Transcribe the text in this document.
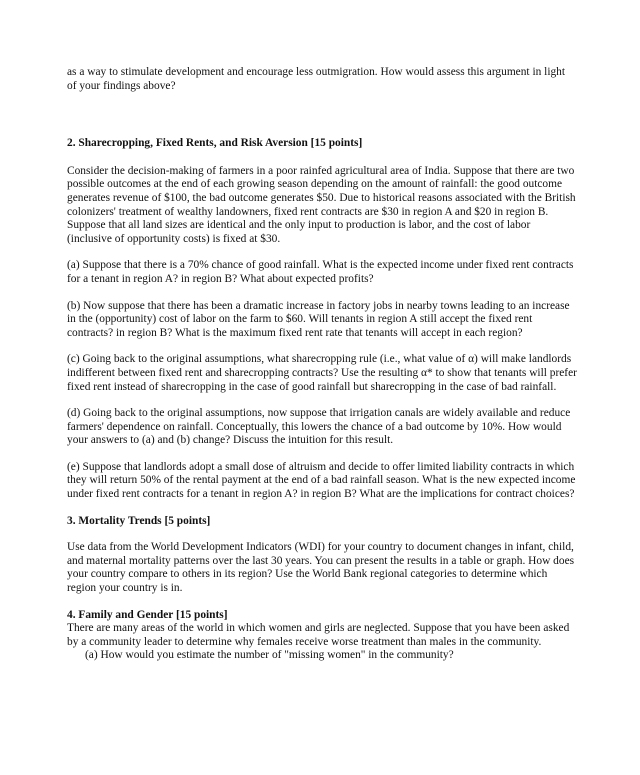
as a way to stimulate development and encourage less outmigration. How would assess this argument in light of your findings above?

2. Sharecropping, Fixed Rents, and Risk Aversion [15 points]

Consider the decision-making of farmers in a poor rainfed agricultural area of India. Suppose that there are two possible outcomes at the end of each growing season depending on the amount of rainfall: the good outcome generates revenue of $100, the bad outcome generates $50. Due to historical reasons associated with the British colonizers' treatment of wealthy landowners, fixed rent contracts are $30 in region A and $20 in region B. Suppose that all land sizes are identical and the only input to production is labor, and the cost of labor (inclusive of opportunity costs) is fixed at $30.

(a) Suppose that there is a 70% chance of good rainfall. What is the expected income under fixed rent contracts for a tenant in region A? in region B? What about expected profits?

(b) Now suppose that there has been a dramatic increase in factory jobs in nearby towns leading to an increase in the (opportunity) cost of labor on the farm to $60. Will tenants in region A still accept the fixed rent contracts? in region B? What is the maximum fixed rent rate that tenants will accept in each region?

(c) Going back to the original assumptions, what sharecropping rule (i.e., what value of α) will make landlords indifferent between fixed rent and sharecropping contracts? Use the resulting α* to show that tenants will prefer fixed rent instead of sharecropping in the case of good rainfall but sharecropping in the case of bad rainfall.

(d) Going back to the original assumptions, now suppose that irrigation canals are widely available and reduce farmers' dependence on rainfall. Conceptually, this lowers the chance of a bad outcome by 10%. How would your answers to (a) and (b) change? Discuss the intuition for this result.

(e) Suppose that landlords adopt a small dose of altruism and decide to offer limited liability contracts in which they will return 50% of the rental payment at the end of a bad rainfall season. What is the new expected income under fixed rent contracts for a tenant in region A? in region B? What are the implications for contract choices?

3. Mortality Trends [5 points]

Use data from the World Development Indicators (WDI) for your country to document changes in infant, child, and maternal mortality patterns over the last 30 years. You can present the results in a table or graph. How does your country compare to others in its region? Use the World Bank regional categories to determine which region your country is in.

4. Family and Gender [15 points]

There are many areas of the world in which women and girls are neglected. Suppose that you have been asked by a community leader to determine why females receive worse treatment than males in the community.

(a) How would you estimate the number of "missing women" in the community?
